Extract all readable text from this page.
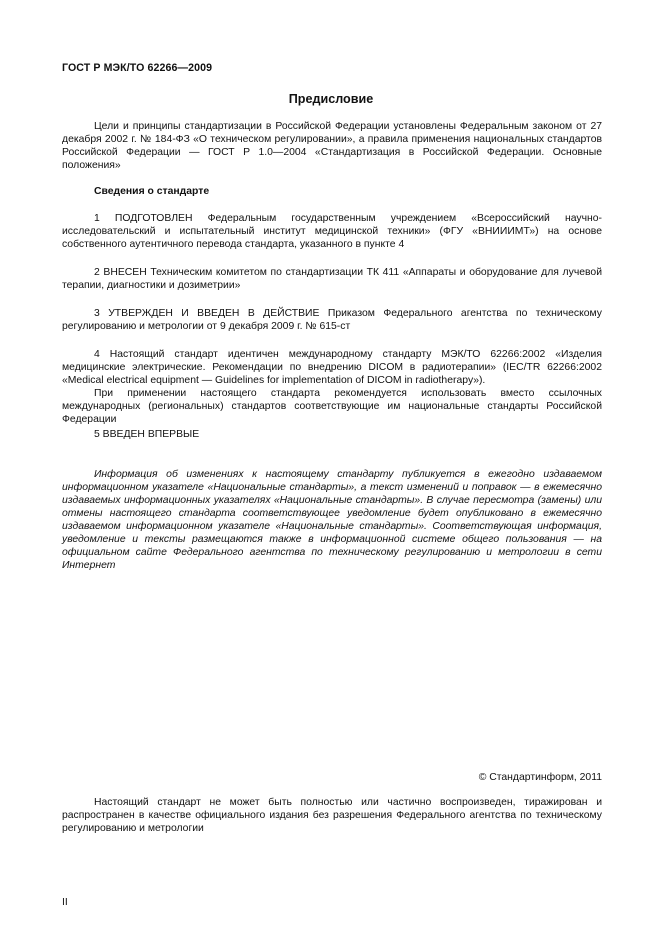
ГОСТ Р МЭК/ТО 62266—2009
Предисловие

Цели и принципы стандартизации в Российской Федерации установлены Федеральным законом от 27 декабря 2002 г. № 184-ФЗ «О техническом регулировании», а правила применения национальных стандартов Российской Федерации — ГОСТ Р 1.0—2004 «Стандартизация в Российской Федерации. Основные положения»

Сведения о стандарте

1 ПОДГОТОВЛЕН Федеральным государственным учреждением «Всероссийский научно-исследовательский и испытательный институт медицинской техники» (ФГУ «ВНИИИМТ») на основе собственного аутентичного перевода стандарта, указанного в пункте 4

2 ВНЕСЕН Техническим комитетом по стандартизации ТК 411 «Аппараты и оборудование для лучевой терапии, диагностики и дозиметрии»

3 УТВЕРЖДЕН И ВВЕДЕН В ДЕЙСТВИЕ Приказом Федерального агентства по техническому регулированию и метрологии от 9 декабря 2009 г. № 615-ст

4 Настоящий стандарт идентичен международному стандарту МЭК/ТО 62266:2002 «Изделия медицинские электрические. Рекомендации по внедрению DICOM в радиотерапии» (IEC/TR 62266:2002 «Medical electrical equipment — Guidelines for implementation of DICOM in radiotherapy»).

При применении настоящего стандарта рекомендуется использовать вместо ссылочных международных (региональных) стандартов соответствующие им национальные стандарты Российской Федерации

5 ВВЕДЕН ВПЕРВЫЕ

Информация об изменениях к настоящему стандарту публикуется в ежегодно издаваемом информационном указателе «Национальные стандарты», а текст изменений и поправок — в ежемесячно издаваемых информационных указателях «Национальные стандарты». В случае пересмотра (замены) или отмены настоящего стандарта соответствующее уведомление будет опубликовано в ежемесячно издаваемом информационном указателе «Национальные стандарты». Соответствующая информация, уведомление и тексты размещаются также в информационной системе общего пользования — на официальном сайте Федерального агентства по техническому регулированию и метрологии в сети Интернет

© Стандартинформ, 2011

Настоящий стандарт не может быть полностью или частично воспроизведен, тиражирован и распространен в качестве официального издания без разрешения Федерального агентства по техническому регулированию и метрологии

II
